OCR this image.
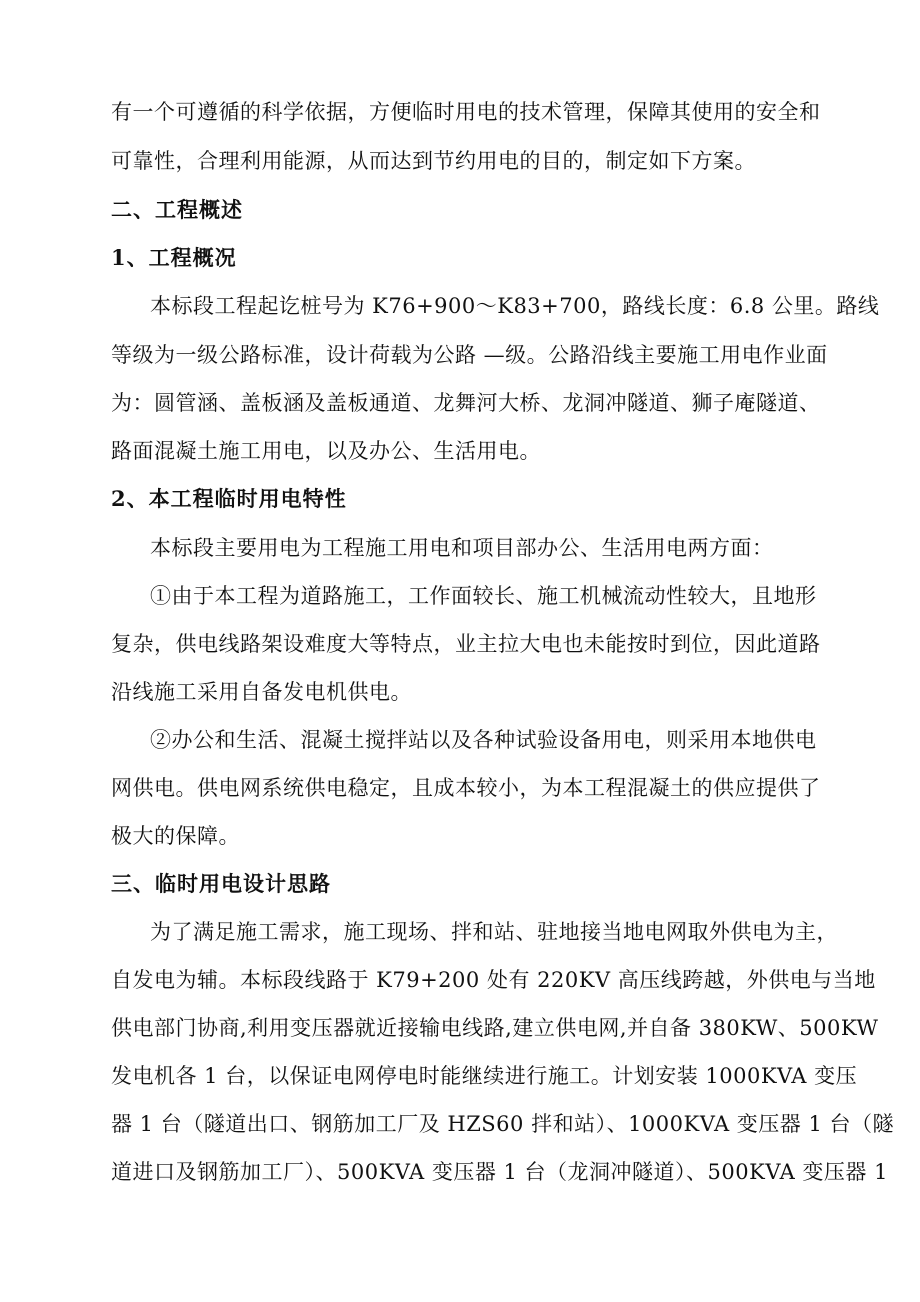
有一个可遵循的科学依据，方便临时用电的技术管理，保障其使用的安全和
可靠性，合理利用能源，从而达到节约用电的目的，制定如下方案。
二、工程概述
1、工程概况
本标段工程起讫桩号为 K76+900～K83+700，路线长度：6.8 公里。路线
等级为一级公路标准，设计荷载为公路 —级。公路沿线主要施工用电作业面
为：圆管涵、盖板涵及盖板通道、龙舞河大桥、龙洞冲隧道、狮子庵隧道、
路面混凝土施工用电，以及办公、生活用电。
2、本工程临时用电特性
本标段主要用电为工程施工用电和项目部办公、生活用电两方面：
①由于本工程为道路施工，工作面较长、施工机械流动性较大，且地形
复杂，供电线路架设难度大等特点，业主拉大电也未能按时到位，因此道路
沿线施工采用自备发电机供电。
②办公和生活、混凝土搅拌站以及各种试验设备用电，则采用本地供电
网供电。供电网系统供电稳定，且成本较小，为本工程混凝土的供应提供了
极大的保障。
三、临时用电设计思路
为了满足施工需求，施工现场、拌和站、驻地接当地电网取外供电为主，
自发电为辅。本标段线路于 K79+200 处有 220KV 高压线跨越，外供电与当地
供电部门协商,利用变压器就近接输电线路,建立供电网,并自备 380KW、500KW
发电机各 1 台，以保证电网停电时能继续进行施工。计划安装 1000KVA 变压
器 1 台（隧道出口、钢筋加工厂及 HZS60 拌和站）、1000KVA 变压器 1 台（隧
道进口及钢筋加工厂）、500KVA 变压器 1 台（龙洞冲隧道）、500KVA 变压器 1
